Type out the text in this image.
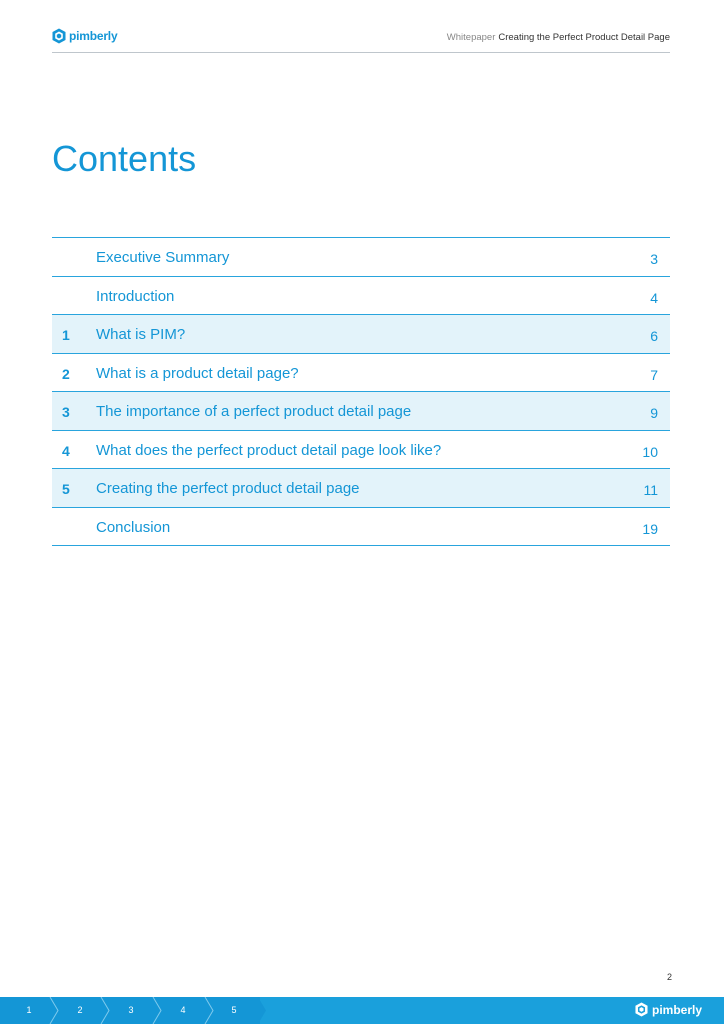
pimberly	Whitepaper Creating the Perfect Product Detail Page
Contents
Executive Summary	3
Introduction	4
1 What is PIM?	6
2 What is a product detail page?	7
3 The importance of a perfect product detail page	9
4 What does the perfect product detail page look like?	10
5 Creating the perfect product detail page	11
Conclusion	19
2
1	2	3	4	5	pimberly
